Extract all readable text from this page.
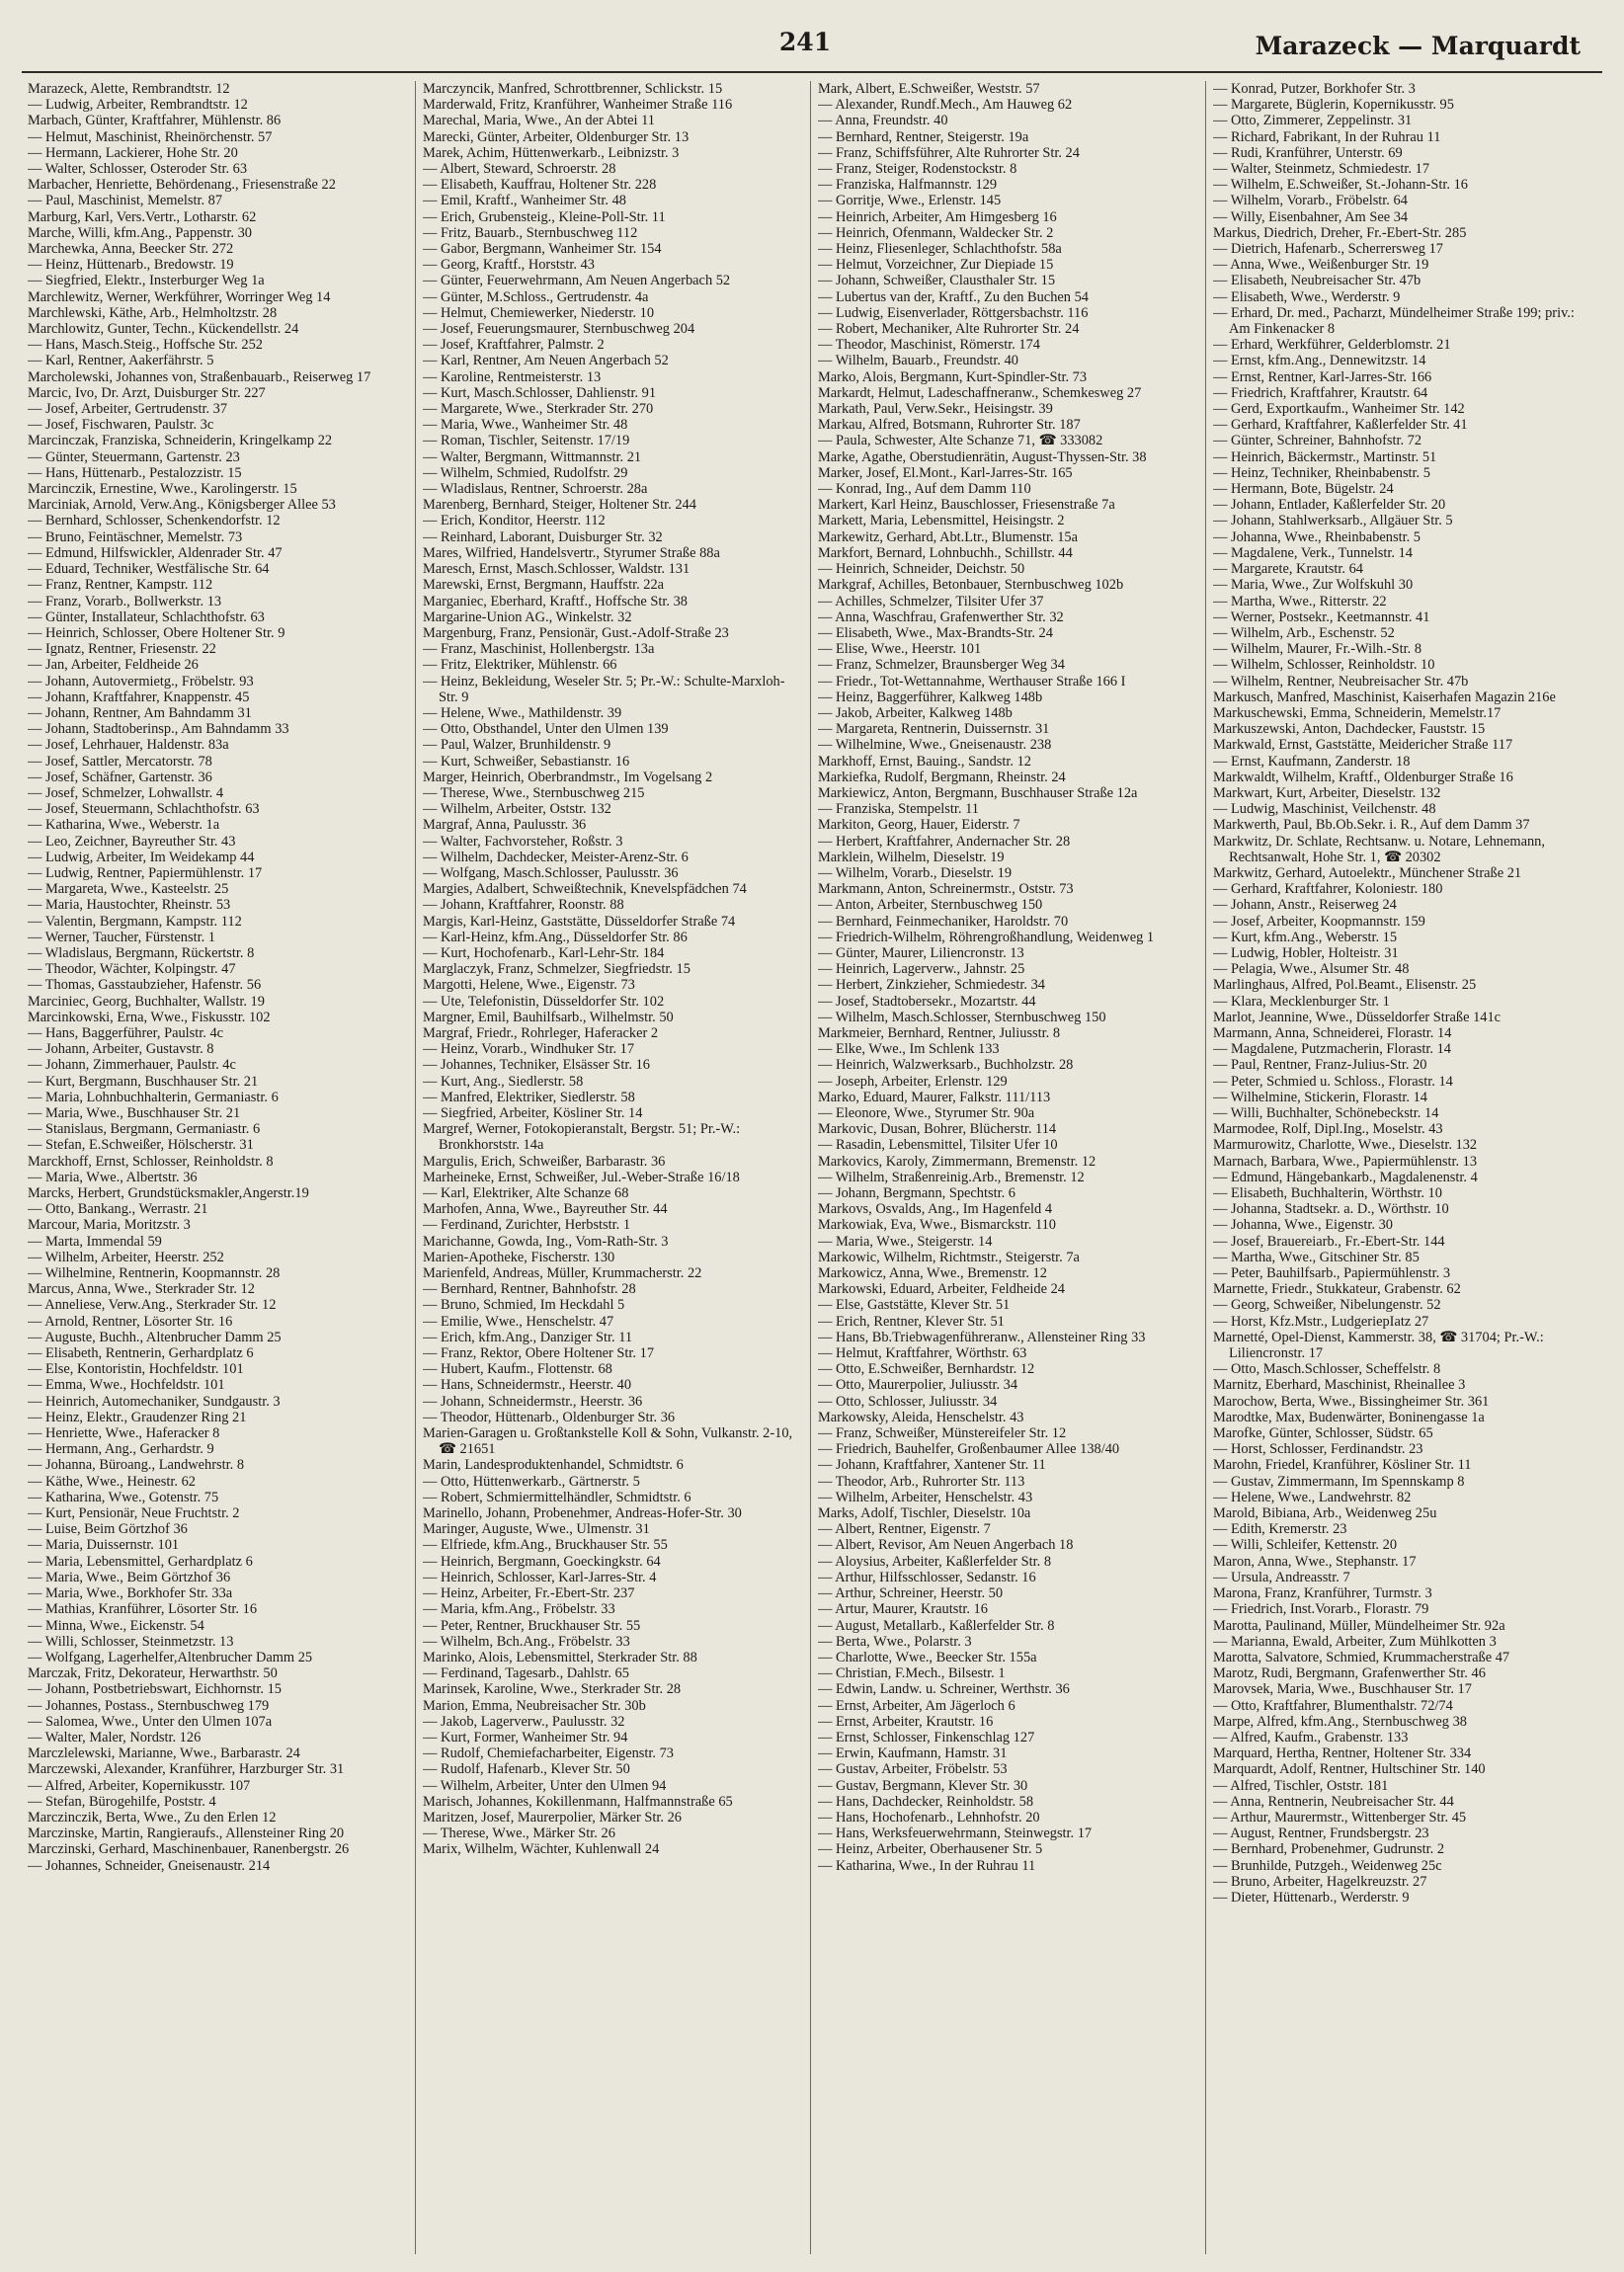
241	Marazeck — Marquardt
Marazeck, Alette, Rembrandtstr. 12
— Ludwig, Arbeiter, Rembrandtstr. 12
Marbach, Günter, Kraftfahrer, Mühlenstr. 86
— Helmut, Maschinist, Rheinörchenstr. 57
— Hermann, Lackierer, Hohe Str. 20
— Walter, Schlosser, Osteroder Str. 63
Marbacher, Henriette, Behördenang., Friesenstraße 22
— Paul, Maschinist, Memelstr. 87
Marburg, Karl, Vers.Vertr., Lotharstr. 62
Marche, Willi, kfm.Ang., Pappenstr. 30
Marchewka, Anna, Beecker Str. 272
— Heinz, Hüttenarb., Bredowstr. 19
— Siegfried, Elektr., Insterburger Weg 1a
Marchlewitz, Werner, Werkführer, Worringer Weg 14
Marchlewski, Käthe, Arb., Helmholtzstr. 28
Marchlowitz, Gunter, Techn., Kückendellstr. 24
— Hans, Masch.Steig., Hoffsche Str. 252
— Karl, Rentner, Aakerfährstr. 5
Marcholewski, Johannes von, Straßenbauarb., Reiserweg 17
Marcic, Ivo, Dr. Arzt, Duisburger Str. 227
— Josef, Arbeiter, Gertrudenstr. 37
— Josef, Fischwaren, Paulstr. 3c
Marcinczak, Franziska, Schneiderin, Kringelkamp 22
— Günter, Steuermann, Gartenstr. 23
— Hans, Hüttenarb., Pestalozzistr. 15
Marcinczik, Ernestine, Wwe., Karolingerstr. 15
Marciniak, Arnold, Verw.Ang., Königsberger Allee 53
— Bernhard, Schlosser, Schenkendorfstr. 12
— Bruno, Feintäschner, Memelstr. 73
— Edmund, Hilfswickler, Aldenrader Str. 47
— Eduard, Techniker, Westfälische Str. 64
— Franz, Rentner, Kampstr. 112
— Franz, Vorarb., Bollwerkstr. 13
— Günter, Installateur, Schlachthofstr. 63
— Heinrich, Schlosser, Obere Holtener Str. 9
— Ignatz, Rentner, Friesenstr. 22
— Jan, Arbeiter, Feldheide 26
— Johann, Autovermietg., Fröbelstr. 93
— Johann, Kraftfahrer, Knappenstr. 45
— Johann, Rentner, Am Bahndamm 31
— Johann, Stadtoberinsp., Am Bahndamm 33
— Josef, Lehrhauer, Haldenstr. 83a
— Josef, Sattler, Mercatorstr. 78
— Josef, Schäfner, Gartenstr. 36
— Josef, Schmelzer, Lohwallstr. 4
— Josef, Steuermann, Schlachthofstr. 63
— Katharina, Wwe., Weberstr. 1a
— Leo, Zeichner, Bayreuther Str. 43
— Ludwig, Arbeiter, Im Weidekamp 44
— Ludwig, Rentner, Papiermühlenstr. 17
— Margareta, Wwe., Kasteelstr. 25
— Maria, Haustochter, Rheinstr. 53
— Valentin, Bergmann, Kampstr. 112
— Werner, Taucher, Fürstenstr. 1
— Wladislaus, Bergmann, Rückertstr. 8
— Theodor, Wächter, Kolpingstr. 47
— Thomas, Gasstaubzieher, Hafenstr. 56
Marciniec, Georg, Buchhalter, Wallstr. 19
Marcinkowski, Erna, Wwe., Fiskusstr. 102
— Hans, Baggerführer, Paulstr. 4c
— Johann, Arbeiter, Gustavstr. 8
— Johann, Zimmerhauer, Paulstr. 4c
— Kurt, Bergmann, Buschhauser Str. 21
— Maria, Lohnbuchhalterin, Germaniastr. 6
— Maria, Wwe., Buschhauser Str. 21
— Stanislaus, Bergmann, Germaniastr. 6
— Stefan, E.Schweißer, Hölscherstr. 31
Marckhoff, Ernst, Schlosser, Reinholdstr. 8
— Maria, Wwe., Albertstr. 36
Marcks, Herbert, Grundstücksmakler,Angerstr.19
— Otto, Bankang., Werrastr. 21
Marcour, Maria, Moritzstr. 3
— Marta, Immendal 59
— Wilhelm, Arbeiter, Heerstr. 252
— Wilhelmine, Rentnerin, Koopmannstr. 28
Marcus, Anna, Wwe., Sterkrader Str. 12
— Anneliese, Verw.Ang., Sterkrader Str. 12
— Arnold, Rentner, Lösorter Str. 16
— Auguste, Buchh., Altenbrucher Damm 25
— Elisabeth, Rentnerin, Gerhardplatz 6
— Else, Kontoristin, Hochfeldstr. 101
— Emma, Wwe., Hochfeldstr. 101
— Heinrich, Automechaniker, Sundgaustr. 3
— Heinz, Elektr., Graudenzer Ring 21
— Henriette, Wwe., Haferacker 8
— Hermann, Ang., Gerhardstr. 9
— Johanna, Büroang., Landwehrstr. 8
— Käthe, Wwe., Heinestr. 62
— Katharina, Wwe., Gotenstr. 75
— Kurt, Pensionär, Neue Fruchtstr. 2
— Luise, Beim Görtzhof 36
— Maria, Duissernstr. 101
— Maria, Lebensmittel, Gerhardplatz 6
— Maria, Wwe., Beim Görtzhof 36
— Maria, Wwe., Borkhofer Str. 33a
— Mathias, Kranführer, Lösorter Str. 16
— Minna, Wwe., Eickenstr. 54
— Willi, Schlosser, Steinmetzstr. 13
— Wolfgang, Lagerhelfer,Altenbrucher Damm 25
Marczak, Fritz, Dekorateur, Herwarthstr. 50
— Johann, Postbetriebswart, Eichhornstr. 15
— Johannes, Postass., Sternbuschweg 179
— Salomea, Wwe., Unter den Ulmen 107a
— Walter, Maler, Nordstr. 126
Marczlelewski, Marianne, Wwe., Barbarastr. 24
Marczewski, Alexander, Kranführer, Harzburger Str. 31
— Alfred, Arbeiter, Kopernikusstr. 107
— Stefan, Bürogehilfe, Poststr. 4
Marczinczik, Berta, Wwe., Zu den Erlen 12
Marczinske, Martin, Rangieraufs., Allensteiner Ring 20
Marczinski, Gerhard, Maschinenbauer, Ranenbergstr. 26
— Johannes, Schneider, Gneisenaustr. 214
Marczyncik, Manfred, Schrottbrenner, Schlickstr. 15
Marderwald, Fritz, Kranführer, Wanheimer Straße 116
Marechal, Maria, Wwe., An der Abtei 11
Marecki, Günter, Arbeiter, Oldenburger Str. 13
Marek, Achim, Hüttenwerkarb., Leibnizstr. 3
— Albert, Steward, Schroerstr. 28
— Elisabeth, Kauffrau, Holtener Str. 228
— Emil, Kraftf., Wanheimer Str. 48
— Erich, Grubensteig., Kleine-Poll-Str. 11
— Fritz, Bauarb., Sternbuschweg 112
— Gabor, Bergmann, Wanheimer Str. 154
— Georg, Kraftf., Horststr. 43
— Günter, Feuerwehrmann, Am Neuen Angerbach 52
— Günter, M.Schloss., Gertrudenstr. 4a
— Helmut, Chemiewerker, Niederstr. 10
— Josef, Feuerungsmaurer, Sternbuschweg 204
— Josef, Kraftfahrer, Palmstr. 2
— Karl, Rentner, Am Neuen Angerbach 52
— Karoline, Rentmeisterstr. 13
— Kurt, Masch.Schlosser, Dahlienstr. 91
— Margarete, Wwe., Sterkrader Str. 270
— Maria, Wwe., Wanheimer Str. 48
— Roman, Tischler, Seitenstr. 17/19
— Walter, Bergmann, Wittmannstr. 21
— Wilhelm, Schmied, Rudolfstr. 29
— Wladislaus, Rentner, Schroerstr. 28a
Marenberg, Bernhard, Steiger, Holtener Str. 244
— Erich, Konditor, Heerstr. 112
— Reinhard, Laborant, Duisburger Str. 32
Mares, Wilfried, Handelsvertr., Styrumer Straße 88a
Maresch, Ernst, Masch.Schlosser, Waldstr. 131
Marewski, Ernst, Bergmann, Hauffstr. 22a
Marganiec, Eberhard, Kraftf., Hoffsche Str. 38
Margarine-Union AG., Winkelstr. 32
Margenburg, Franz, Pensionär, Gust.-Adolf-Straße 23
— Franz, Maschinist, Hollenbergstr. 13a
— Fritz, Elektriker, Mühlenstr. 66
— Heinz, Bekleidung, Weseler Str. 5; Pr.-W.: Schulte-Marxloh-Str. 9
— Helene, Wwe., Mathildenstr. 39
— Otto, Obsthandel, Unter den Ulmen 139
— Paul, Walzer, Brunhildenstr. 9
— Kurt, Schweißer, Sebastianstr. 16
Marger, Heinrich, Oberbrandmstr., Im Vogelsang 2
— Therese, Wwe., Sternbuschweg 215
— Wilhelm, Arbeiter, Oststr. 132
Margraf, Anna, Paulusstr. 36
— Walter, Fachvorsteher, Roßstr. 3
— Wilhelm, Dachdecker, Meister-Arenz-Str. 6
— Wolfgang, Masch.Schlosser, Paulusstr. 36
Margies, Adalbert, Schweißtechnik, Knevelspfädchen 74
— Johann, Kraftfahrer, Roonstr. 88
Margis, Karl-Heinz, Gaststätte, Düsseldorfer Straße 74
— Karl-Heinz, kfm.Ang., Düsseldorfer Str. 86
— Kurt, Hochofenarb., Karl-Lehr-Str. 184
Marglaczyk, Franz, Schmelzer, Siegfriedstr. 15
Margotti, Helene, Wwe., Eigenstr. 73
— Ute, Telefonistin, Düsseldorfer Str. 102
Margner, Emil, Bauhilfsarb., Wilhelmstr. 50
Margraf, Friedr., Rohrleger, Haferacker 2
— Heinz, Vorarb., Windhuker Str. 17
— Johannes, Techniker, Elsässer Str. 16
— Kurt, Ang., Siedlerstr. 58
— Manfred, Elektriker, Siedlerstr. 58
— Siegfried, Arbeiter, Kösliner Str. 14
Margref, Werner, Fotokopieranstalt, Bergstr. 51; Pr.-W.: Bronkhorststr. 14a
Margulis, Erich, Schweißer, Barbarastr. 36
Marheineke, Ernst, Schweißer, Jul.-Weber-Straße 16/18
— Karl, Elektriker, Alte Schanze 68
Marhofen, Anna, Wwe., Bayreuther Str. 44
— Ferdinand, Zurichter, Herbststr. 1
Marichanne, Gowda, Ing., Vom-Rath-Str. 3
Marien-Apotheke, Fischerstr. 130
Marienfeld, Andreas, Müller, Krummacherstr. 22
— Bernhard, Rentner, Bahnhofstr. 28
— Bruno, Schmied, Im Heckdahl 5
— Emilie, Wwe., Henschelstr. 47
— Erich, kfm.Ang., Danziger Str. 11
— Franz, Rektor, Obere Holtener Str. 17
— Hubert, Kaufm., Flottenstr. 68
— Hans, Schneidermstr., Heerstr. 40
— Johann, Schneidermstr., Heerstr. 36
— Theodor, Hüttenarb., Oldenburger Str. 36
Marien-Garagen u. Großtankstelle Koll & Sohn, Vulkanstr. 2-10, ☎ 21651
Marin, Landesproduktenhandel, Schmidtstr. 6
— Otto, Hüttenwerkarb., Gärtnerstr. 5
— Robert, Schmiermittelhändler, Schmidtstr. 6
Marinello, Johann, Probenehmer, Andreas-Hofer-Str. 30
Maringer, Auguste, Wwe., Ulmenstr. 31
— Elfriede, kfm.Ang., Bruckhauser Str. 55
— Heinrich, Bergmann, Goeckingkstr. 64
— Heinrich, Schlosser, Karl-Jarres-Str. 4
— Heinz, Arbeiter, Fr.-Ebert-Str. 237
— Maria, kfm.Ang., Fröbelstr. 33
— Peter, Rentner, Bruckhauser Str. 55
— Wilhelm, Bch.Ang., Fröbelstr. 33
Marinko, Alois, Lebensmittel, Sterkrader Str. 88
— Ferdinand, Tagesarb., Dahlstr. 65
Marinsek, Karoline, Wwe., Sterkrader Str. 28
Marion, Emma, Neubreisacher Str. 30b
— Jakob, Lagerverw., Paulusstr. 32
— Kurt, Former, Wanheimer Str. 94
— Rudolf, Chemiefacharbeiter, Eigenstr. 73
— Rudolf, Hafenarb., Klever Str. 50
— Wilhelm, Arbeiter, Unter den Ulmen 94
Marisch, Johannes, Kokillenmann, Halfmannstraße 65
Maritzen, Josef, Maurerpolier, Märker Str. 26
— Therese, Wwe., Märker Str. 26
Marix, Wilhelm, Wächter, Kuhlenwall 24
Mark, Albert, E.Schweißer, Weststr. 57
— Alexander, Rundf.Mech., Am Hauweg 62
— Anna, Freundstr. 40
— Bernhard, Rentner, Steigerstr. 19a
— Franz, Schiffsführer, Alte Ruhrorter Str. 24
— Franz, Steiger, Rodenstockstr. 8
— Franziska, Halfmannstr. 129
— Gorritje, Wwe., Erlenstr. 145
— Heinrich, Arbeiter, Am Himgesberg 16
— Heinrich, Ofenmann, Waldecker Str. 2
— Heinz, Fliesenleger, Schlachthofstr. 58a
— Helmut, Vorzeichner, Zur Diepiade 15
— Johann, Schweißer, Clausthaler Str. 15
— Lubertus van der, Kraftf., Zu den Buchen 54
— Ludwig, Eisenverlader, Röttgersbachstr. 116
— Robert, Mechaniker, Alte Ruhrorter Str. 24
— Theodor, Maschinist, Römerstr. 174
— Wilhelm, Bauarb., Freundstr. 40
Marko, Alois, Bergmann, Kurt-Spindler-Str. 73
Markardt, Helmut, Ladeschaffneranw., Schemkesweg 27
Markath, Paul, Verw.Sekr., Heisingstr. 39
Markau, Alfred, Botsmann, Ruhrorter Str. 187
— Paula, Schwester, Alte Schanze 71, ☎ 333082
Marke, Agathe, Oberstudienrätin, August-Thyssen-Str. 38
Marker, Josef, El.Mont., Karl-Jarres-Str. 165
— Konrad, Ing., Auf dem Damm 110
Markert, Karl Heinz, Bauschlosser, Friesenstraße 7a
Markett, Maria, Lebensmittel, Heisingstr. 2
Markewitz, Gerhard, Abt.Ltr., Blumenstr. 15a
Markfort, Bernard, Lohnbuchh., Schillstr. 44
— Heinrich, Schneider, Deichstr. 50
Markgraf, Achilles, Betonbauer, Sternbuschweg 102b
— Achilles, Schmelzer, Tilsiter Ufer 37
— Anna, Waschfrau, Grafenwerther Str. 32
— Elisabeth, Wwe., Max-Brandts-Str. 24
— Elise, Wwe., Heerstr. 101
— Franz, Schmelzer, Braunsberger Weg 34
— Friedr., Tot-Wettannahme, Werthauser Straße 166 I
— Heinz, Baggerführer, Kalkweg 148b
— Jakob, Arbeiter, Kalkweg 148b
— Margareta, Rentnerin, Duissernstr. 31
— Wilhelmine, Wwe., Gneisenaustr. 238
Markhoff, Ernst, Bauing., Sandstr. 12
Markiefka, Rudolf, Bergmann, Rheinstr. 24
Markiewicz, Anton, Bergmann, Buschhauser Straße 12a
— Franziska, Stempelstr. 11
Markiton, Georg, Hauer, Eiderstr. 7
— Herbert, Kraftfahrer, Andernacher Str. 28
Marklein, Wilhelm, Dieselstr. 19
— Wilhelm, Vorarb., Dieselstr. 19
Markmann, Anton, Schreinermstr., Oststr. 73
— Anton, Arbeiter, Sternbuschweg 150
— Bernhard, Feinmechaniker, Haroldstr. 70
— Friedrich-Wilhelm, Röhrengroßhandlung, Weidenweg 1
— Günter, Maurer, Liliencronstr. 13
— Heinrich, Lagerverw., Jahnstr. 25
— Herbert, Zinkzieher, Schmiedestr. 34
— Josef, Stadtobersekr., Mozartstr. 44
— Wilhelm, Masch.Schlosser, Sternbuschweg 150
Markmeier, Bernhard, Rentner, Juliusstr. 8
— Elke, Wwe., Im Schlenk 133
— Heinrich, Walzwerksarb., Buchholzstr. 28
— Joseph, Arbeiter, Erlenstr. 129
Marko, Eduard, Maurer, Falkstr. 111/113
— Eleonore, Wwe., Styrumer Str. 90a
Markovic, Dusan, Bohrer, Blücherstr. 114
— Rasadin, Lebensmittel, Tilsiter Ufer 10
Markovics, Karoly, Zimmermann, Bremenstr. 12
— Wilhelm, Straßenreinig.Arb., Bremenstr. 12
— Johann, Bergmann, Spechtstr. 6
Markovs, Osvalds, Ang., Im Hagenfeld 4
Markowiak, Eva, Wwe., Bismarckstr. 110
— Maria, Wwe., Steigerstr. 14
Markowic, Wilhelm, Richtmstr., Steigerstr. 7a
Markowicz, Anna, Wwe., Bremenstr. 12
Markowski, Eduard, Arbeiter, Feldheide 24
— Else, Gaststätte, Klever Str. 51
— Erich, Rentner, Klever Str. 51
— Hans, Bb.Triebwagenführeranw., Allensteiner Ring 33
— Helmut, Kraftfahrer, Wörthstr. 63
— Otto, E.Schweißer, Bernhardstr. 12
— Otto, Maurerpolier, Juliusstr. 34
— Otto, Schlosser, Juliusstr. 34
Markowsky, Aleida, Henschelstr. 43
— Franz, Schweißer, Münstereifeler Str. 12
— Friedrich, Bauhelfer, Großenbaumer Allee 138/40
— Johann, Kraftfahrer, Xantener Str. 11
— Theodor, Arb., Ruhrorter Str. 113
— Wilhelm, Arbeiter, Henschelstr. 43
Marks, Adolf, Tischler, Dieselstr. 10a
— Albert, Rentner, Eigenstr. 7
— Albert, Revisor, Am Neuen Angerbach 18
— Aloysius, Arbeiter, Kaßlerfelder Str. 8
— Arthur, Hilfsschlosser, Sedanstr. 16
— Arthur, Schreiner, Heerstr. 50
— Artur, Maurer, Krautstr. 16
— August, Metallarb., Kaßlerfelder Str. 8
— Berta, Wwe., Polarstr. 3
— Charlotte, Wwe., Beecker Str. 155a
— Christian, F.Mech., Bilsestr. 1
— Edwin, Landw. u. Schreiner, Werthstr. 36
— Ernst, Arbeiter, Am Jägerloch 6
— Ernst, Arbeiter, Krautstr. 16
— Ernst, Schlosser, Finkenschlag 127
— Erwin, Kaufmann, Hamstr. 31
— Gustav, Arbeiter, Fröbelstr. 53
— Gustav, Bergmann, Klever Str. 30
— Hans, Dachdecker, Reinholdstr. 58
— Hans, Hochofenarb., Lehnhofstr. 20
— Hans, Werksfeuerwehrmann, Steinwegstr. 17
— Heinz, Arbeiter, Oberhausener Str. 5
— Katharina, Wwe., In der Ruhrau 11
— Konrad, Putzer, Borkhofer Str. 3
— Margarete, Büglerin, Kopernikusstr. 95
— Otto, Zimmerer, Zeppelinstr. 31
— Richard, Fabrikant, In der Ruhrau 11
— Rudi, Kranführer, Unterstr. 69
— Walter, Steinmetz, Schmiedestr. 17
— Wilhelm, E.Schweißer, St.-Johann-Str. 16
— Wilhelm, Vorarb., Fröbelstr. 64
— Willy, Eisenbahner, Am See 34
Markus, Diedrich, Dreher, Fr.-Ebert-Str. 285
— Dietrich, Hafenarb., Scherrersweg 17
— Anna, Wwe., Weißenburger Str. 19
— Elisabeth, Neubreisacher Str. 47b
— Elisabeth, Wwe., Werderstr. 9
— Erhard, Dr. med., Pacharzt, Mündelheimer Straße 199; priv.: Am Finkenacker 8
— Erhard, Werkführer, Gelderblomstr. 21
— Ernst, kfm.Ang., Dennewitzstr. 14
— Ernst, Rentner, Karl-Jarres-Str. 166
— Friedrich, Kraftfahrer, Krautstr. 64
— Gerd, Exportkaufm., Wanheimer Str. 142
— Gerhard, Kraftfahrer, Kaßlerfelder Str. 41
— Günter, Schreiner, Bahnhofstr. 72
— Heinrich, Bäckermstr., Martinstr. 51
— Heinz, Techniker, Rheinbabenstr. 5
— Hermann, Bote, Bügelstr. 24
— Johann, Entlader, Kaßlerfelder Str. 20
— Johann, Stahlwerksarb., Allgäuer Str. 5
— Johanna, Wwe., Rheinbabenstr. 5
— Magdalene, Verk., Tunnelstr. 14
— Margarete, Krautstr. 64
— Maria, Wwe., Zur Wolfskuhl 30
— Martha, Wwe., Ritterstr. 22
— Werner, Postsekr., Keetmannstr. 41
— Wilhelm, Arb., Eschenstr. 52
— Wilhelm, Maurer, Fr.-Wilh.-Str. 8
— Wilhelm, Schlosser, Reinholdstr. 10
— Wilhelm, Rentner, Neubreisacher Str. 47b
Markusch, Manfred, Maschinist, Kaiserhafen Magazin 216e
Markuschewski, Emma, Schneiderin, Memelstr.17
Markuszewski, Anton, Dachdecker, Fauststr. 15
Markwald, Ernst, Gaststätte, Meidericher Straße 117
— Ernst, Kaufmann, Zanderstr. 18
Markwaldt, Wilhelm, Kraftf., Oldenburger Straße 16
Markwart, Kurt, Arbeiter, Dieselstr. 132
— Ludwig, Maschinist, Veilchenstr. 48
Markwerth, Paul, Bb.Ob.Sekr. i. R., Auf dem Damm 37
Markwitz, Dr. Schlate, Rechtsanw. u. Notare, Lehnemann, Rechtsanwalt, Hohe Str. 1, ☎ 20302
Markwitz, Gerhard, Autoelektr., Münchener Straße 21
— Gerhard, Kraftfahrer, Koloniestr. 180
— Johann, Anstr., Reiserweg 24
— Josef, Arbeiter, Koopmannstr. 159
— Kurt, kfm.Ang., Weberstr. 15
— Ludwig, Hobler, Holteistr. 31
— Pelagia, Wwe., Alsumer Str. 48
Marlinghaus, Alfred, Pol.Beamt., Elisenstr. 25
— Klara, Mecklenburger Str. 1
Marlot, Jeannine, Wwe., Düsseldorfer Straße 141c
Marmann, Anna, Schneiderei, Florastr. 14
— Magdalene, Putzmacherin, Florastr. 14
— Paul, Rentner, Franz-Julius-Str. 20
— Peter, Schmied u. Schloss., Florastr. 14
— Wilhelmine, Stickerin, Florastr. 14
— Willi, Buchhalter, Schönebeckstr. 14
Marmodee, Rolf, Dipl.Ing., Moselstr. 43
Marmurowitz, Charlotte, Wwe., Dieselstr. 132
Marnach, Barbara, Wwe., Papiermühlenstr. 13
— Edmund, Hängebankarb., Magdalenenstr. 4
— Elisabeth, Buchhalterin, Wörthstr. 10
— Johanna, Stadtsekr. a. D., Wörthstr. 10
— Johanna, Wwe., Eigenstr. 30
— Josef, Brauereiarb., Fr.-Ebert-Str. 144
— Martha, Wwe., Gitschiner Str. 85
— Peter, Bauhilfsarb., Papiermühlenstr. 3
Marnette, Friedr., Stukkateur, Grabenstr. 62
— Georg, Schweißer, Nibelungenstr. 52
— Horst, Kfz.Mstr., LudgeriepIatz 27
Marnetté, Opel-Dienst, Kammerstr. 38, ☎ 31704; Pr.-W.: Liliencronstr. 17
— Otto, Masch.Schlosser, Scheffelstr. 8
Marnitz, Eberhard, Maschinist, Rheinallee 3
Marochow, Berta, Wwe., Bissingheimer Str. 361
Marodtke, Max, Budenwärter, Boninengasse 1a
Marofke, Günter, Schlosser, Südstr. 65
— Horst, Schlosser, Ferdinandstr. 23
Marohn, Friedel, Kranführer, Kösliner Str. 11
— Gustav, Zimmermann, Im Spennskamp 8
— Helene, Wwe., Landwehrstr. 82
Marold, Bibiana, Arb., Weidenweg 25u
— Edith, Kremerstr. 23
— Willi, Schleifer, Kettenstr. 20
Maron, Anna, Wwe., Stephanstr. 17
— Ursula, Andreasstr. 7
Marona, Franz, Kranführer, Turmstr. 3
— Friedrich, Inst.Vorarb., Florastr. 79
Marotta, Paulinand, Müller, Mündelheimer Str. 92a
— Marianna, Ewald, Arbeiter, Zum Mühlkotten 3
Marotta, Salvatore, Schmied, Krummacherstraße 47
Marotz, Rudi, Bergmann, Grafenwerther Str. 46
Marovsek, Maria, Wwe., Buschhauser Str. 17
— Otto, Kraftfahrer, Blumenthalstr. 72/74
Marpe, Alfred, kfm.Ang., Sternbuschweg 38
— Alfred, Kaufm., Grabenstr. 133
Marquard, Hertha, Rentner, Holtener Str. 334
Marquardt, Adolf, Rentner, Hultschiner Str. 140
— Alfred, Tischler, Oststr. 181
— Anna, Rentnerin, Neubreisacher Str. 44
— Arthur, Maurermstr., Wittenberger Str. 45
— August, Rentner, Frundsbergstr. 23
— Bernhard, Probenehmer, Gudrunstr. 2
— Brunhilde, Putzgeh., Weidenweg 25c
— Bruno, Arbeiter, Hagelkreuzstr. 27
— Dieter, Hüttenarb., Werderstr. 9
